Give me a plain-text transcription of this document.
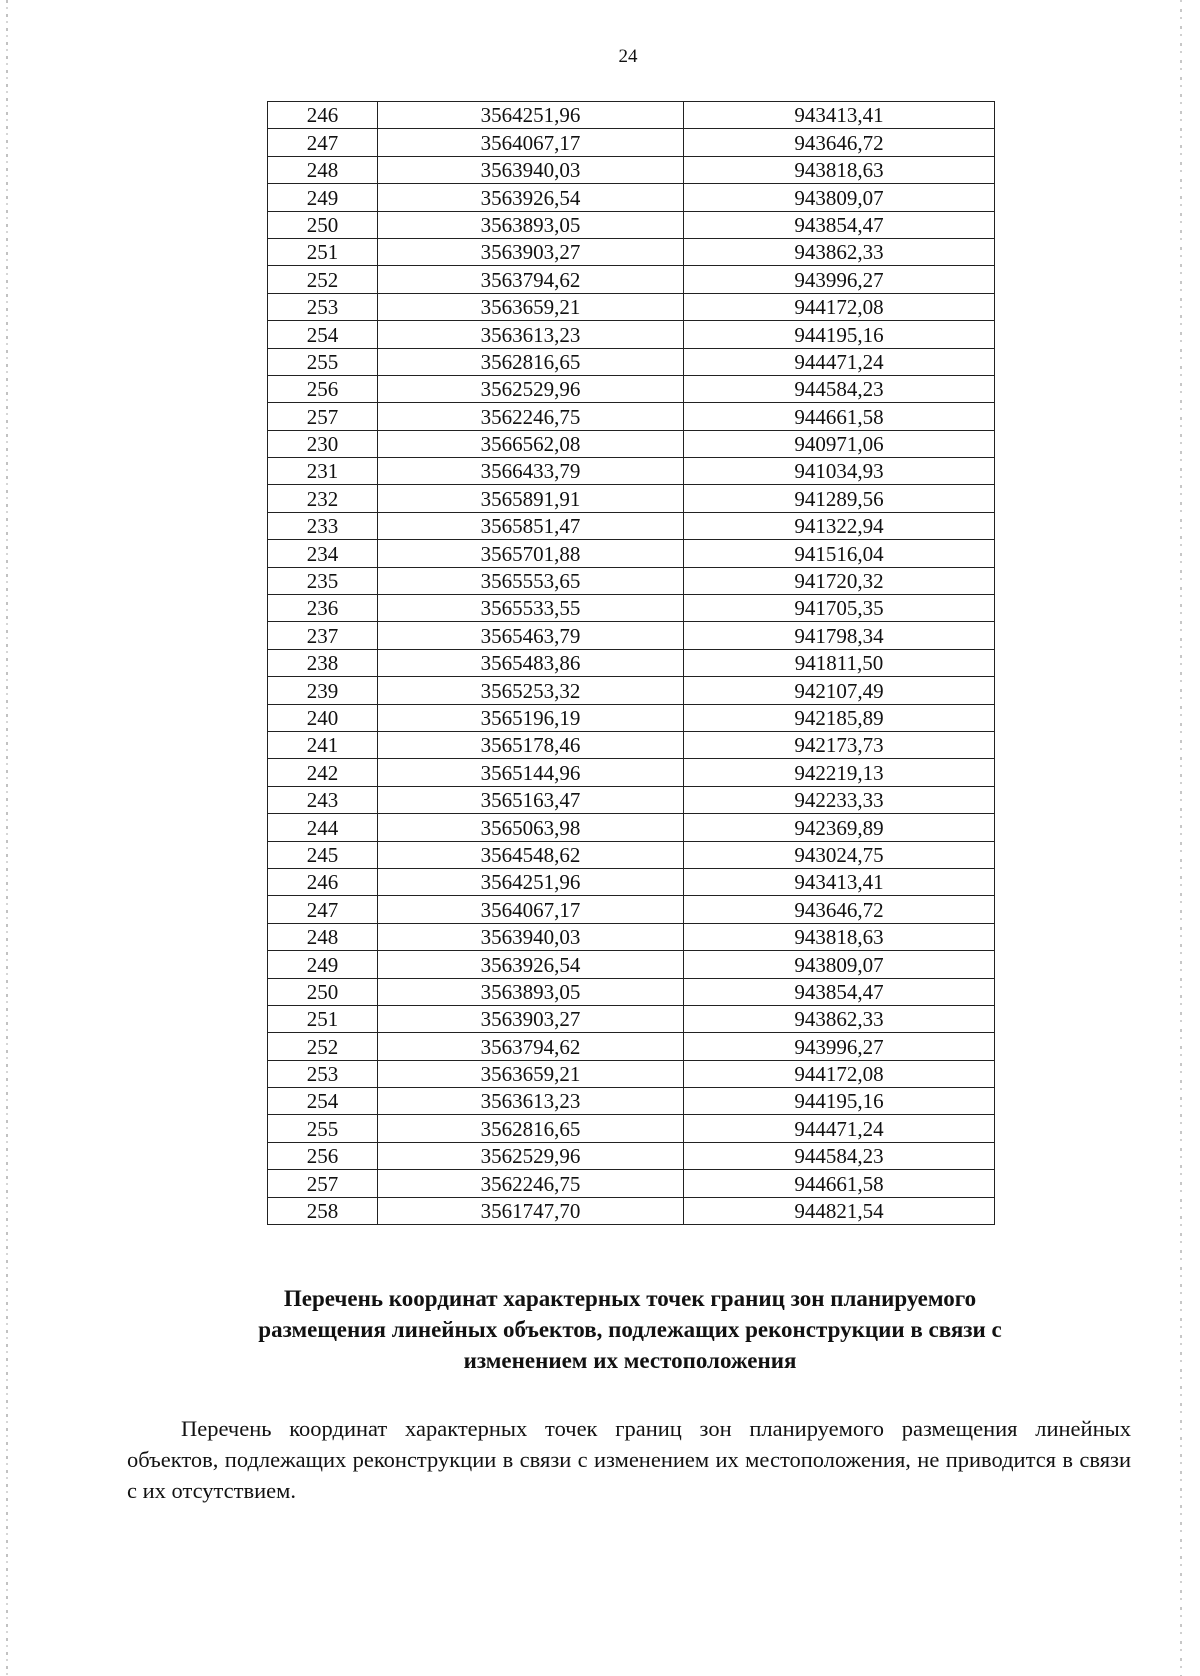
24
246	3564251,96	943413,41
247	3564067,17	943646,72
248	3563940,03	943818,63
249	3563926,54	943809,07
250	3563893,05	943854,47
251	3563903,27	943862,33
252	3563794,62	943996,27
253	3563659,21	944172,08
254	3563613,23	944195,16
255	3562816,65	944471,24
256	3562529,96	944584,23
257	3562246,75	944661,58
230	3566562,08	940971,06
231	3566433,79	941034,93
232	3565891,91	941289,56
233	3565851,47	941322,94
234	3565701,88	941516,04
235	3565553,65	941720,32
236	3565533,55	941705,35
237	3565463,79	941798,34
238	3565483,86	941811,50
239	3565253,32	942107,49
240	3565196,19	942185,89
241	3565178,46	942173,73
242	3565144,96	942219,13
243	3565163,47	942233,33
244	3565063,98	942369,89
245	3564548,62	943024,75
246	3564251,96	943413,41
247	3564067,17	943646,72
248	3563940,03	943818,63
249	3563926,54	943809,07
250	3563893,05	943854,47
251	3563903,27	943862,33
252	3563794,62	943996,27
253	3563659,21	944172,08
254	3563613,23	944195,16
255	3562816,65	944471,24
256	3562529,96	944584,23
257	3562246,75	944661,58
258	3561747,70	944821,54
Перечень координат характерных точек границ зон планируемого
размещения линейных объектов, подлежащих реконструкции в связи с
изменением их местоположения
Перечень координат характерных точек границ зон планируемого размещения линейных объектов, подлежащих реконструкции в связи с изменением их местоположения, не приводится в связи с их отсутствием.
